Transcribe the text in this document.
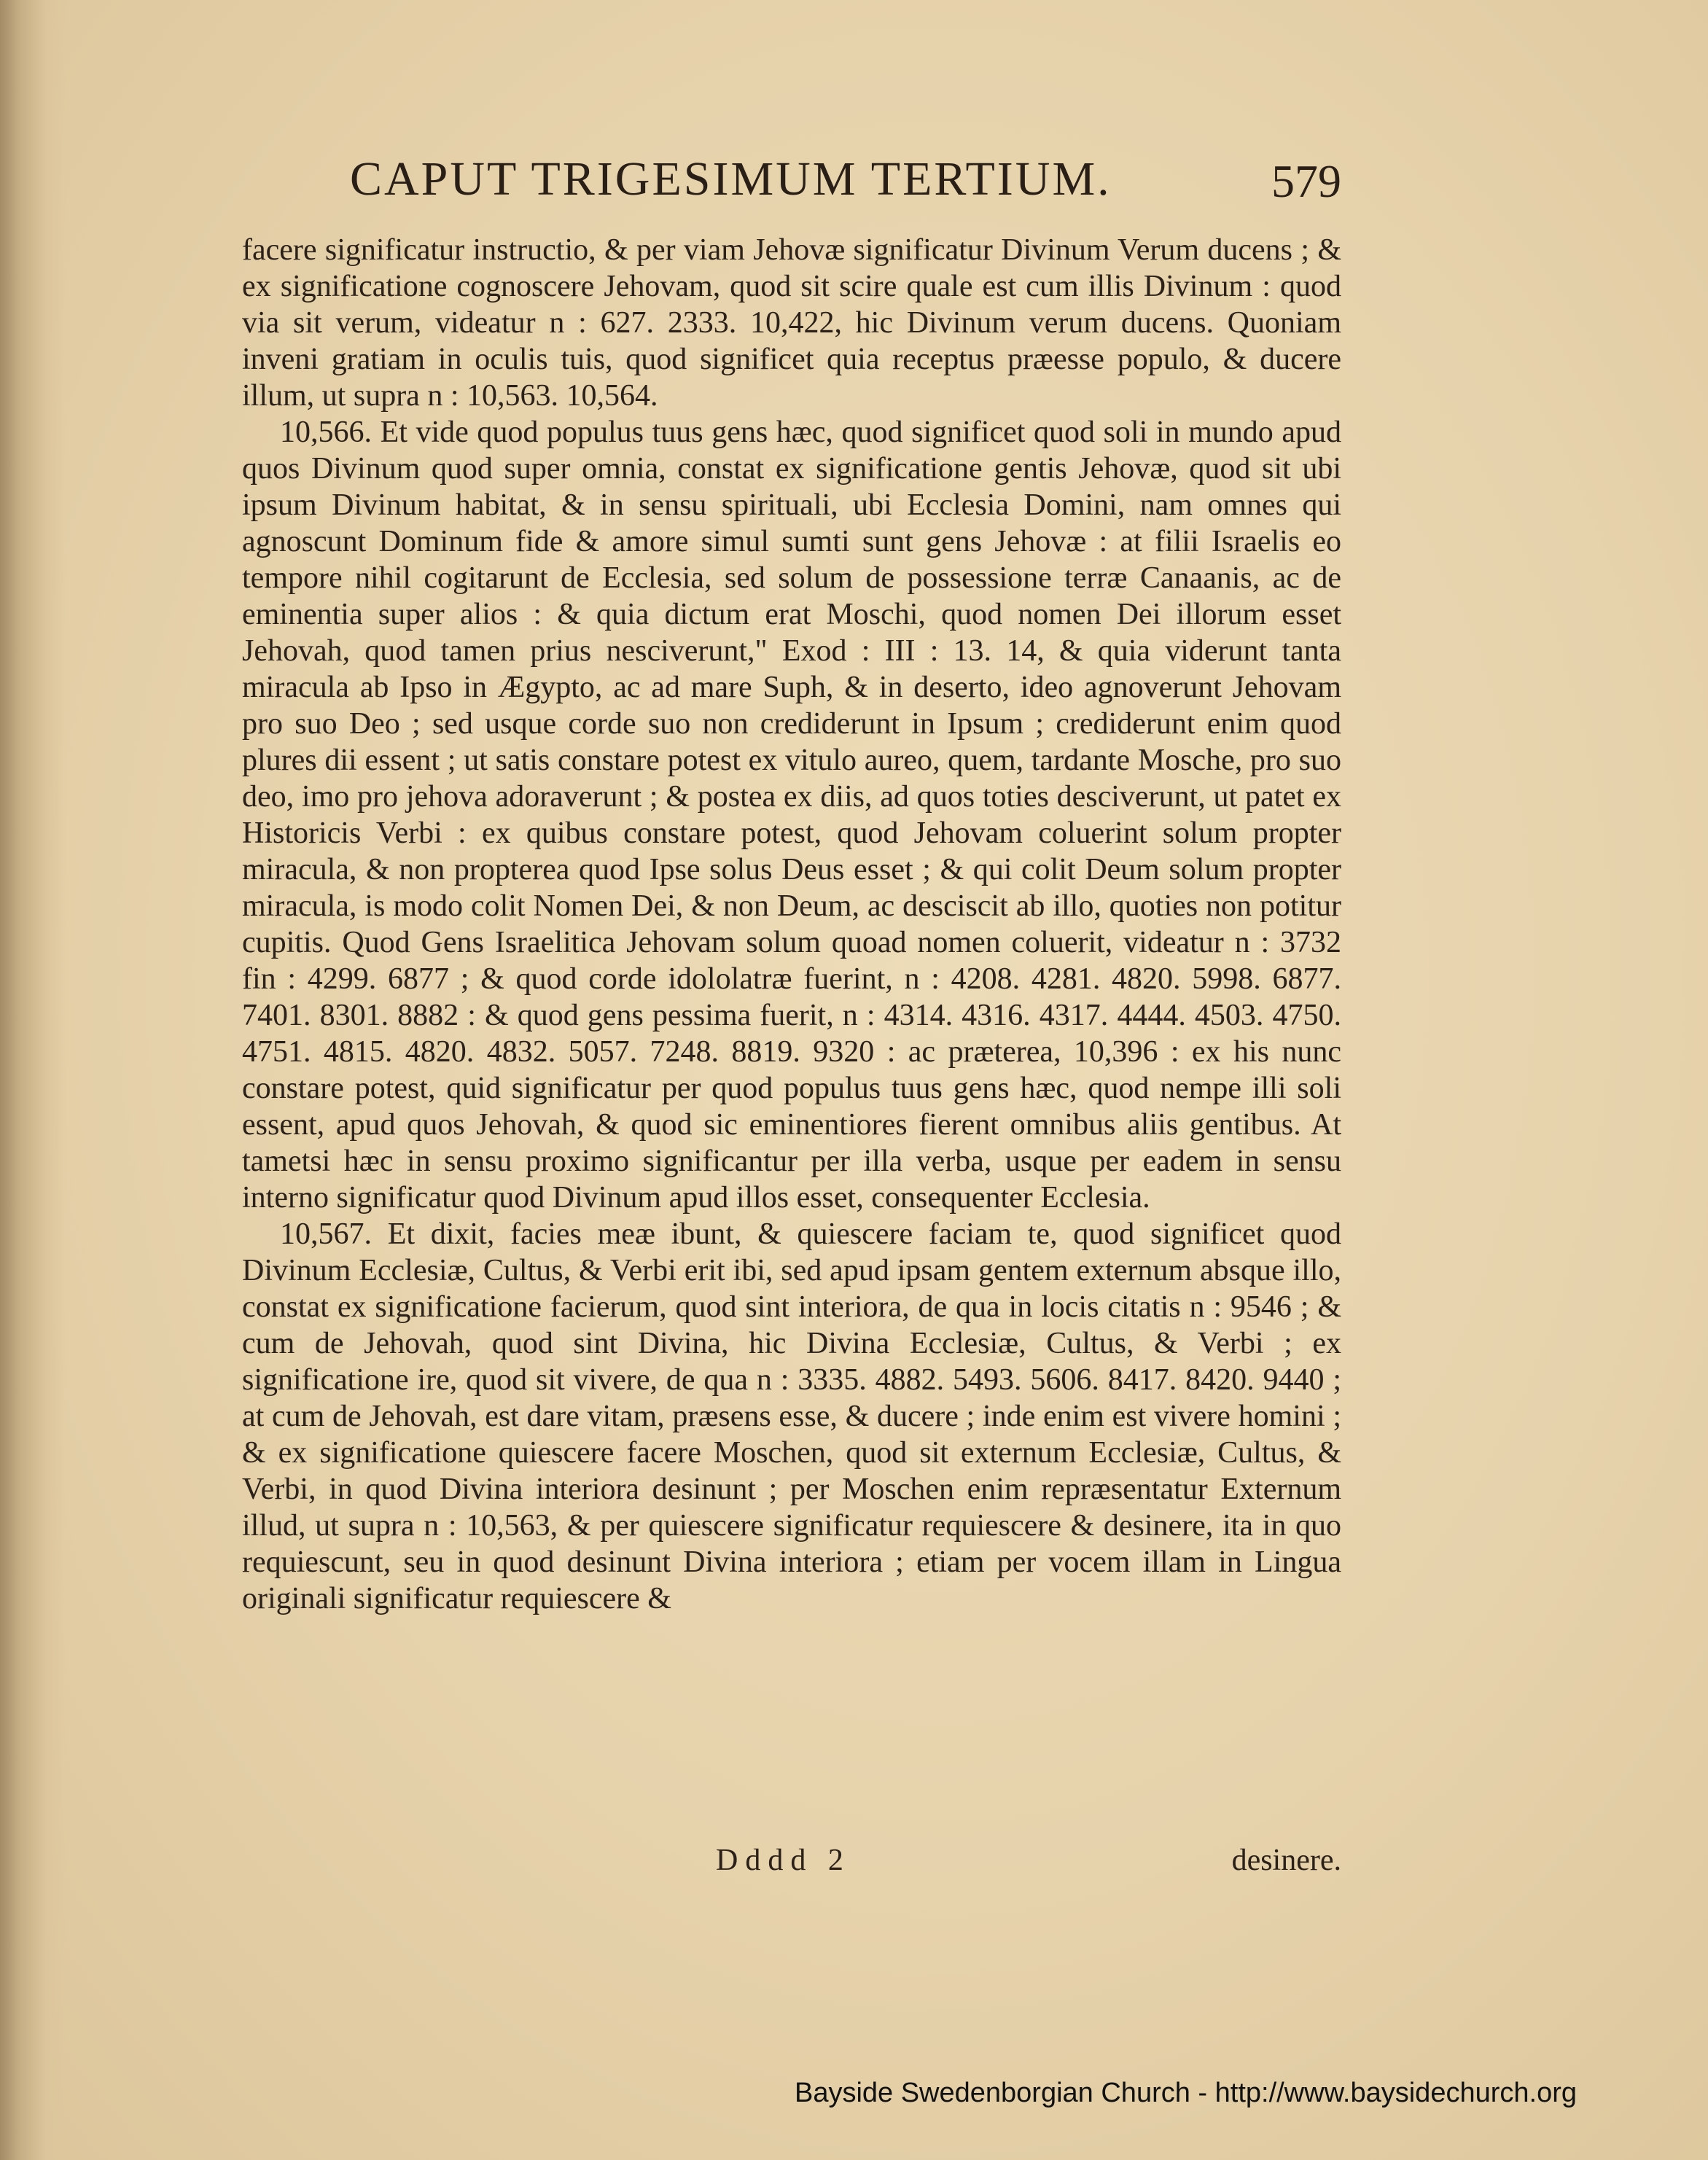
CAPUT TRIGESIMUM TERTIUM.	579

facere significatur instructio, & per viam Jehovæ significatur Divinum Verum ducens ; & ex significatione cognoscere Jehovam, quod sit scire quale est cum illis Divinum : quod via sit verum, videatur n : 627. 2333. 10,422, hic Divinum verum ducens. Quoniam inveni gratiam in oculis tuis, quod significet quia receptus præesse populo, & ducere illum, ut supra n : 10,563. 10,564.

10,566. Et vide quod populus tuus gens hæc, quod significet quod soli in mundo apud quos Divinum quod super omnia, constat ex significatione gentis Jehovæ, quod sit ubi ipsum Divinum habitat, & in sensu spirituali, ubi Ecclesia Domini, nam omnes qui agnoscunt Dominum fide & amore simul sumti sunt gens Jehovæ : at filii Israelis eo tempore nihil cogitarunt de Ecclesia, sed solum de possessione terræ Canaanis, ac de eminentia super alios : & quia dictum erat Moschi, quod nomen Dei illorum esset Jehovah, quod tamen prius nesciverunt," Exod : III : 13. 14, & quia viderunt tanta miracula ab Ipso in Ægypto, ac ad mare Suph, & in deserto, ideo agnoverunt Jehovam pro suo Deo ; sed usque corde suo non crediderunt in Ipsum ; crediderunt enim quod plures dii essent ; ut satis constare potest ex vitulo aureo, quem, tardante Mosche, pro suo deo, imo pro jehova adoraverunt ; & postea ex diis, ad quos toties desciverunt, ut patet ex Historicis Verbi : ex quibus constare potest, quod Jehovam coluerint solum propter miracula, & non propterea quod Ipse solus Deus esset ; & qui colit Deum solum propter miracula, is modo colit Nomen Dei, & non Deum, ac desciscit ab illo, quoties non potitur cupitis. Quod Gens Israelitica Jehovam solum quoad nomen coluerit, videatur n : 3732 fin : 4299. 6877 ; & quod corde idololatræ fuerint, n : 4208. 4281. 4820. 5998. 6877. 7401. 8301. 8882 : & quod gens pessima fuerit, n : 4314. 4316. 4317. 4444. 4503. 4750. 4751. 4815. 4820. 4832. 5057. 7248. 8819. 9320 : ac præterea, 10,396 : ex his nunc constare potest, quid significatur per quod populus tuus gens hæc, quod nempe illi soli essent, apud quos Jehovah, & quod sic eminentiores fierent omnibus aliis gentibus. At tametsi hæc in sensu proximo significantur per illa verba, usque per eadem in sensu interno significatur quod Divinum apud illos esset, consequenter Ecclesia.

10,567. Et dixit, facies meæ ibunt, & quiescere faciam te, quod significet quod Divinum Ecclesiæ, Cultus, & Verbi erit ibi, sed apud ipsam gentem externum absque illo, constat ex significatione facierum, quod sint interiora, de qua in locis citatis n : 9546 ; & cum de Jehovah, quod sint Divina, hic Divina Ecclesiæ, Cultus, & Verbi ; ex significatione ire, quod sit vivere, de qua n : 3335. 4882. 5493. 5606. 8417. 8420. 9440 ; at cum de Jehovah, est dare vitam, præsens esse, & ducere ; inde enim est vivere homini ; & ex significatione quiescere facere Moschen, quod sit externum Ecclesiæ, Cultus, & Verbi, in quod Divina interiora desinunt ; per Moschen enim repræsentatur Externum illud, ut supra n : 10,563, & per quiescere significatur requiescere & desinere, ita in quo requiescunt, seu in quod desinunt Divina interiora ; etiam per vocem illam in Lingua originali significatur requiescere &

Dddd 2	desinere.
Bayside Swedenborgian Church - http://www.baysidechurch.org
